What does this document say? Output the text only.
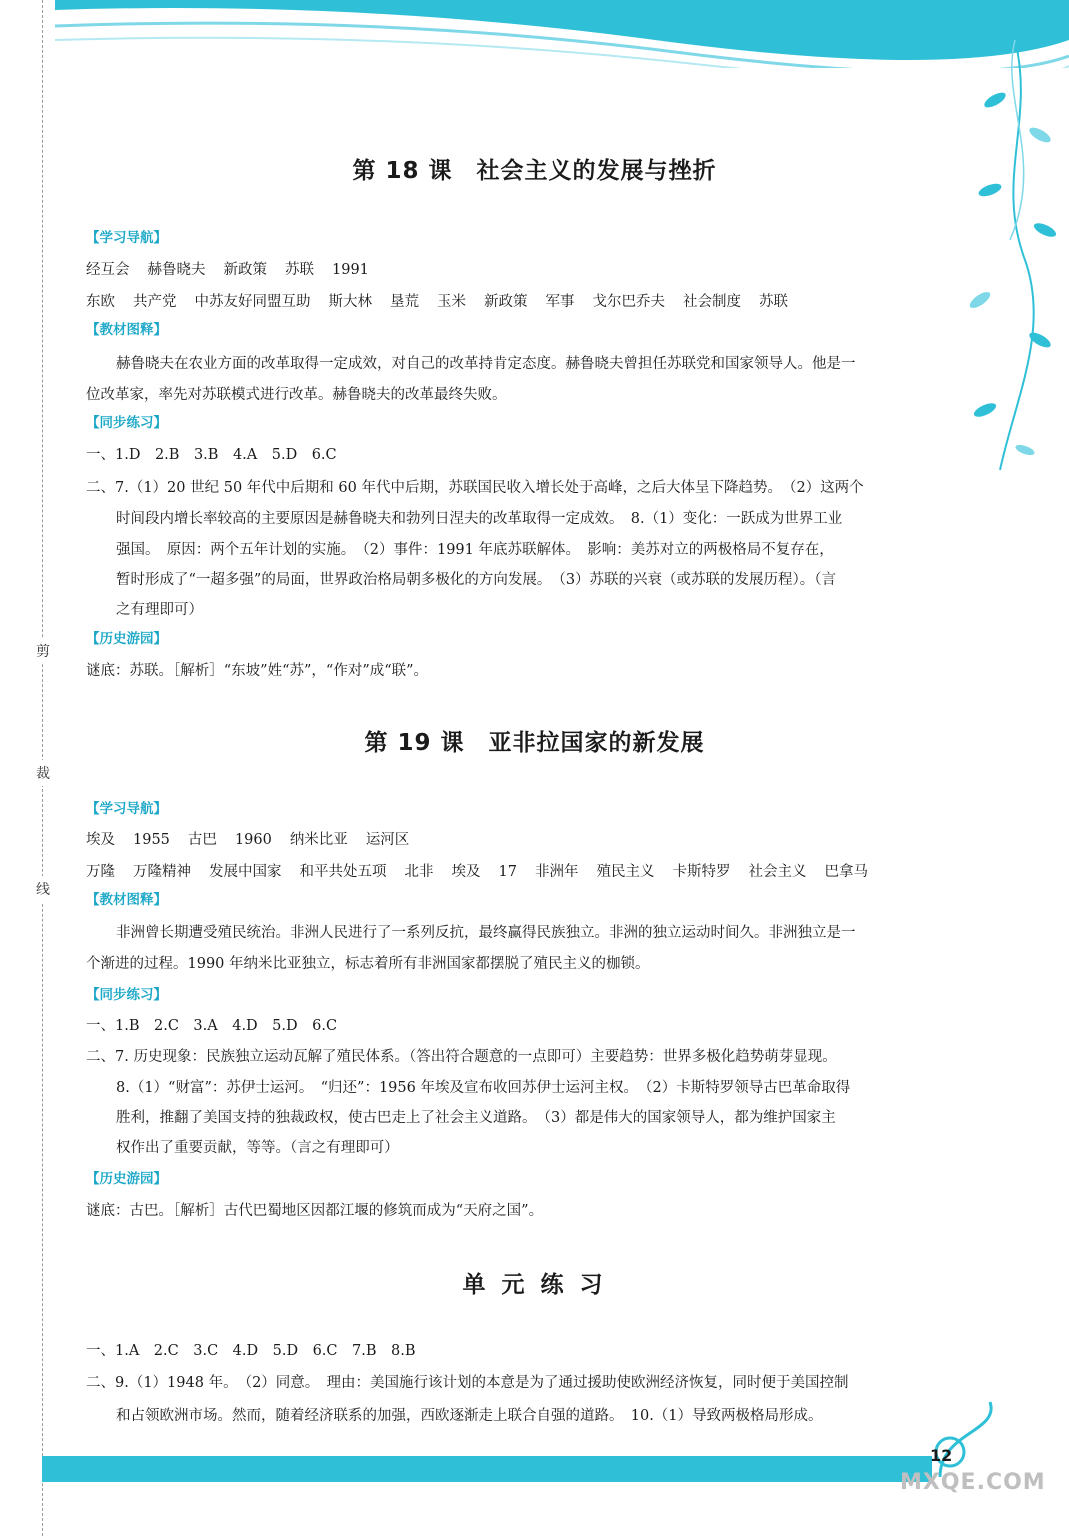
剪
裁
线
第 18 课　社会主义的发展与挫折
【学习导航】
经互会 赫鲁晓夫 新政策 苏联 1991
东欧 共产党 中苏友好同盟互助 斯大林 垦荒 玉米 新政策 军事 戈尔巴乔夫 社会制度 苏联
【教材图释】
赫鲁晓夫在农业方面的改革取得一定成效，对自己的改革持肯定态度。赫鲁晓夫曾担任苏联党和国家领导人。他是一
位改革家，率先对苏联模式进行改革。赫鲁晓夫的改革最终失败。
【同步练习】
一、1.D　2.B　3.B　4.A　5.D　6.C
二、7.（1）20 世纪 50 年代中后期和 60 年代中后期，苏联国民收入增长处于高峰，之后大体呈下降趋势。　（2）这两个
时间段内增长率较高的主要原因是赫鲁晓夫和勃列日涅夫的改革取得一定成效。　8.（1）变化：一跃成为世界工业
强国。　原因：两个五年计划的实施。　（2）事件：1991 年底苏联解体。　影响：美苏对立的两极格局不复存在，
暂时形成了“一超多强”的局面，世界政治格局朝多极化的方向发展。　（3）苏联的兴衰（或苏联的发展历程）。（言
之有理即可）
【历史游园】
谜底：苏联。［解析］“东坡”姓“苏”，“作对”成“联”。
第 19 课　亚非拉国家的新发展
【学习导航】
埃及 1955 古巴 1960 纳米比亚 运河区
万隆 万隆精神 发展中国家 和平共处五项 北非 埃及 17 非洲年 殖民主义 卡斯特罗 社会主义 巴拿马
【教材图释】
非洲曾长期遭受殖民统治。非洲人民进行了一系列反抗，最终赢得民族独立。非洲的独立运动时间久。非洲独立是一
个渐进的过程。1990 年纳米比亚独立，标志着所有非洲国家都摆脱了殖民主义的枷锁。
【同步练习】
一、1.B　2.C　3.A　4.D　5.D　6.C
二、7. 历史现象：民族独立运动瓦解了殖民体系。（答出符合题意的一点即可）主要趋势：世界多极化趋势萌芽显现。
8.（1）“财富”：苏伊士运河。　“归还”：1956 年埃及宣布收回苏伊士运河主权。　（2）卡斯特罗领导古巴革命取得
胜利，推翻了美国支持的独裁政权，使古巴走上了社会主义道路。　（3）都是伟大的国家领导人，都为维护国家主
权作出了重要贡献，等等。（言之有理即可）
【历史游园】
谜底：古巴。［解析］古代巴蜀地区因都江堰的修筑而成为“天府之国”。
单 元 练 习
一、1.A　2.C　3.C　4.D　5.D　6.C　7.B　8.B
二、9.（1）1948 年。　（2）同意。　理由：美国施行该计划的本意是为了通过援助使欧洲经济恢复，同时便于美国控制
和占领欧洲市场。然而，随着经济联系的加强，西欧逐渐走上联合自强的道路。　10.（1）导致两极格局形成。
12
MXQE.COM
